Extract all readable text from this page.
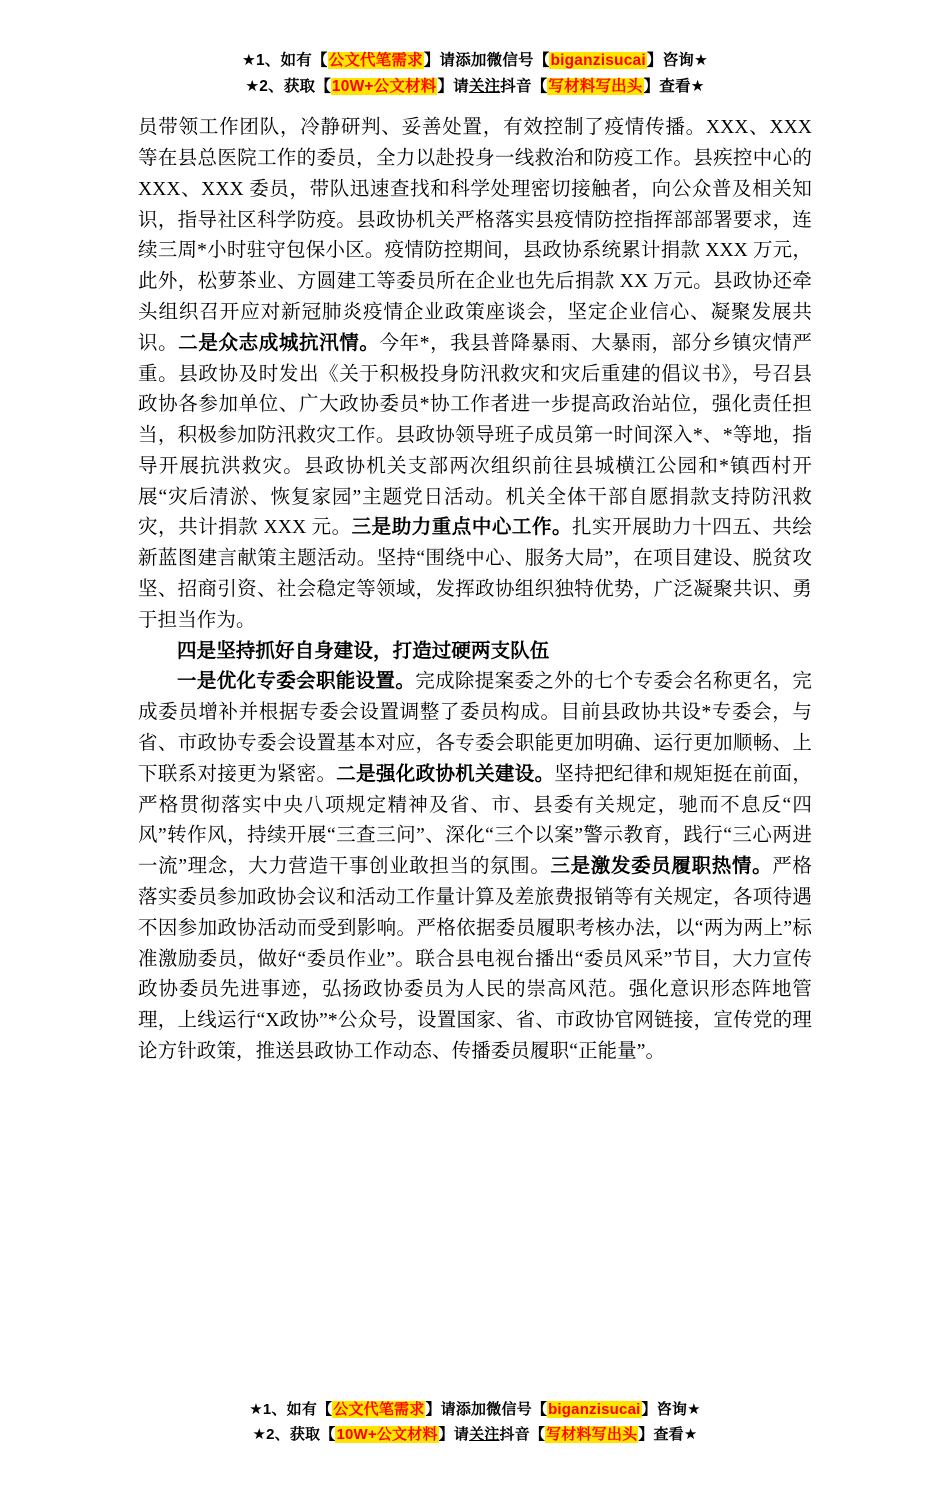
★1、如有【公文代笔需求】请添加微信号【biganzisucai】咨询★
★2、获取【10W+公文材料】请关注抖音【写材料写出头】查看★

员带领工作团队，冷静研判、妥善处置，有效控制了疫情传播。XXX、XXX 等在县总医院工作的委员，全力以赴投身一线救治和防疫工作。县疾控中心的 XXX、XXX 委员，带队迅速查找和科学处理密切接触者，向公众普及相关知识，指导社区科学防疫。县政协机关严格落实县疫情防控指挥部部署要求，连续三周*小时驻守包保小区。疫情防控期间，县政协系统累计捐款 XXX 万元，此外，松萝茶业、方圆建工等委员所在企业也先后捐款 XX 万元。县政协还牵头组织召开应对新冠肺炎疫情企业政策座谈会，坚定企业信心、凝聚发展共识。二是众志成城抗汛情。今年*，我县普降暴雨、大暴雨，部分乡镇灾情严重。县政协及时发出《关于积极投身防汛救灾和灾后重建的倡议书》，号召县政协各参加单位、广大政协委员*协工作者进一步提高政治站位，强化责任担当，积极参加防汛救灾工作。县政协领导班子成员第一时间深入*、*等地，指导开展抗洪救灾。县政协机关支部两次组织前往县城横江公园和*镇西村开展“灾后清淤、恢复家园”主题党日活动。机关全体干部自愿捐款支持防汛救灾，共计捐款 XXX 元。三是助力重点中心工作。扎实开展助力十四五、共绘新蓝图建言献策主题活动。坚持“围绕中心、服务大局”，在项目建设、脱贫攻坚、招商引资、社会稳定等领域，发挥政协组织独特优势，广泛凝聚共识、勇于担当作为。

四是坚持抓好自身建设，打造过硬两支队伍

一是优化专委会职能设置。完成除提案委之外的七个专委会名称更名，完成委员增补并根据专委会设置调整了委员构成。目前县政协共设*专委会，与省、市政协专委会设置基本对应，各专委会职能更加明确、运行更加顺畅、上下联系对接更为紧密。二是强化政协机关建设。坚持把纪律和规矩挺在前面，严格贯彻落实中央八项规定精神及省、市、县委有关规定，驰而不息反“四风”转作风，持续开展“三查三问”、深化“三个以案”警示教育，践行“三心两进一流”理念，大力营造干事创业敢担当的氛围。三是激发委员履职热情。严格落实委员参加政协会议和活动工作量计算及差旅费报销等有关规定，各项待遇不因参加政协活动而受到影响。严格依据委员履职考核办法，以“两为两上”标准激励委员，做好“委员作业”。联合县电视台播出“委员风采”节目，大力宣传政协委员先进事迹，弘扬政协委员为人民的崇高风范。强化意识形态阵地管理，上线运行“X政协”*公众号，设置国家、省、市政协官网链接，宣传党的理论方针政策，推送县政协工作动态、传播委员履职“正能量”。

★1、如有【公文代笔需求】请添加微信号【biganzisucai】咨询★
★2、获取【10W+公文材料】请关注抖音【写材料写出头】查看★
